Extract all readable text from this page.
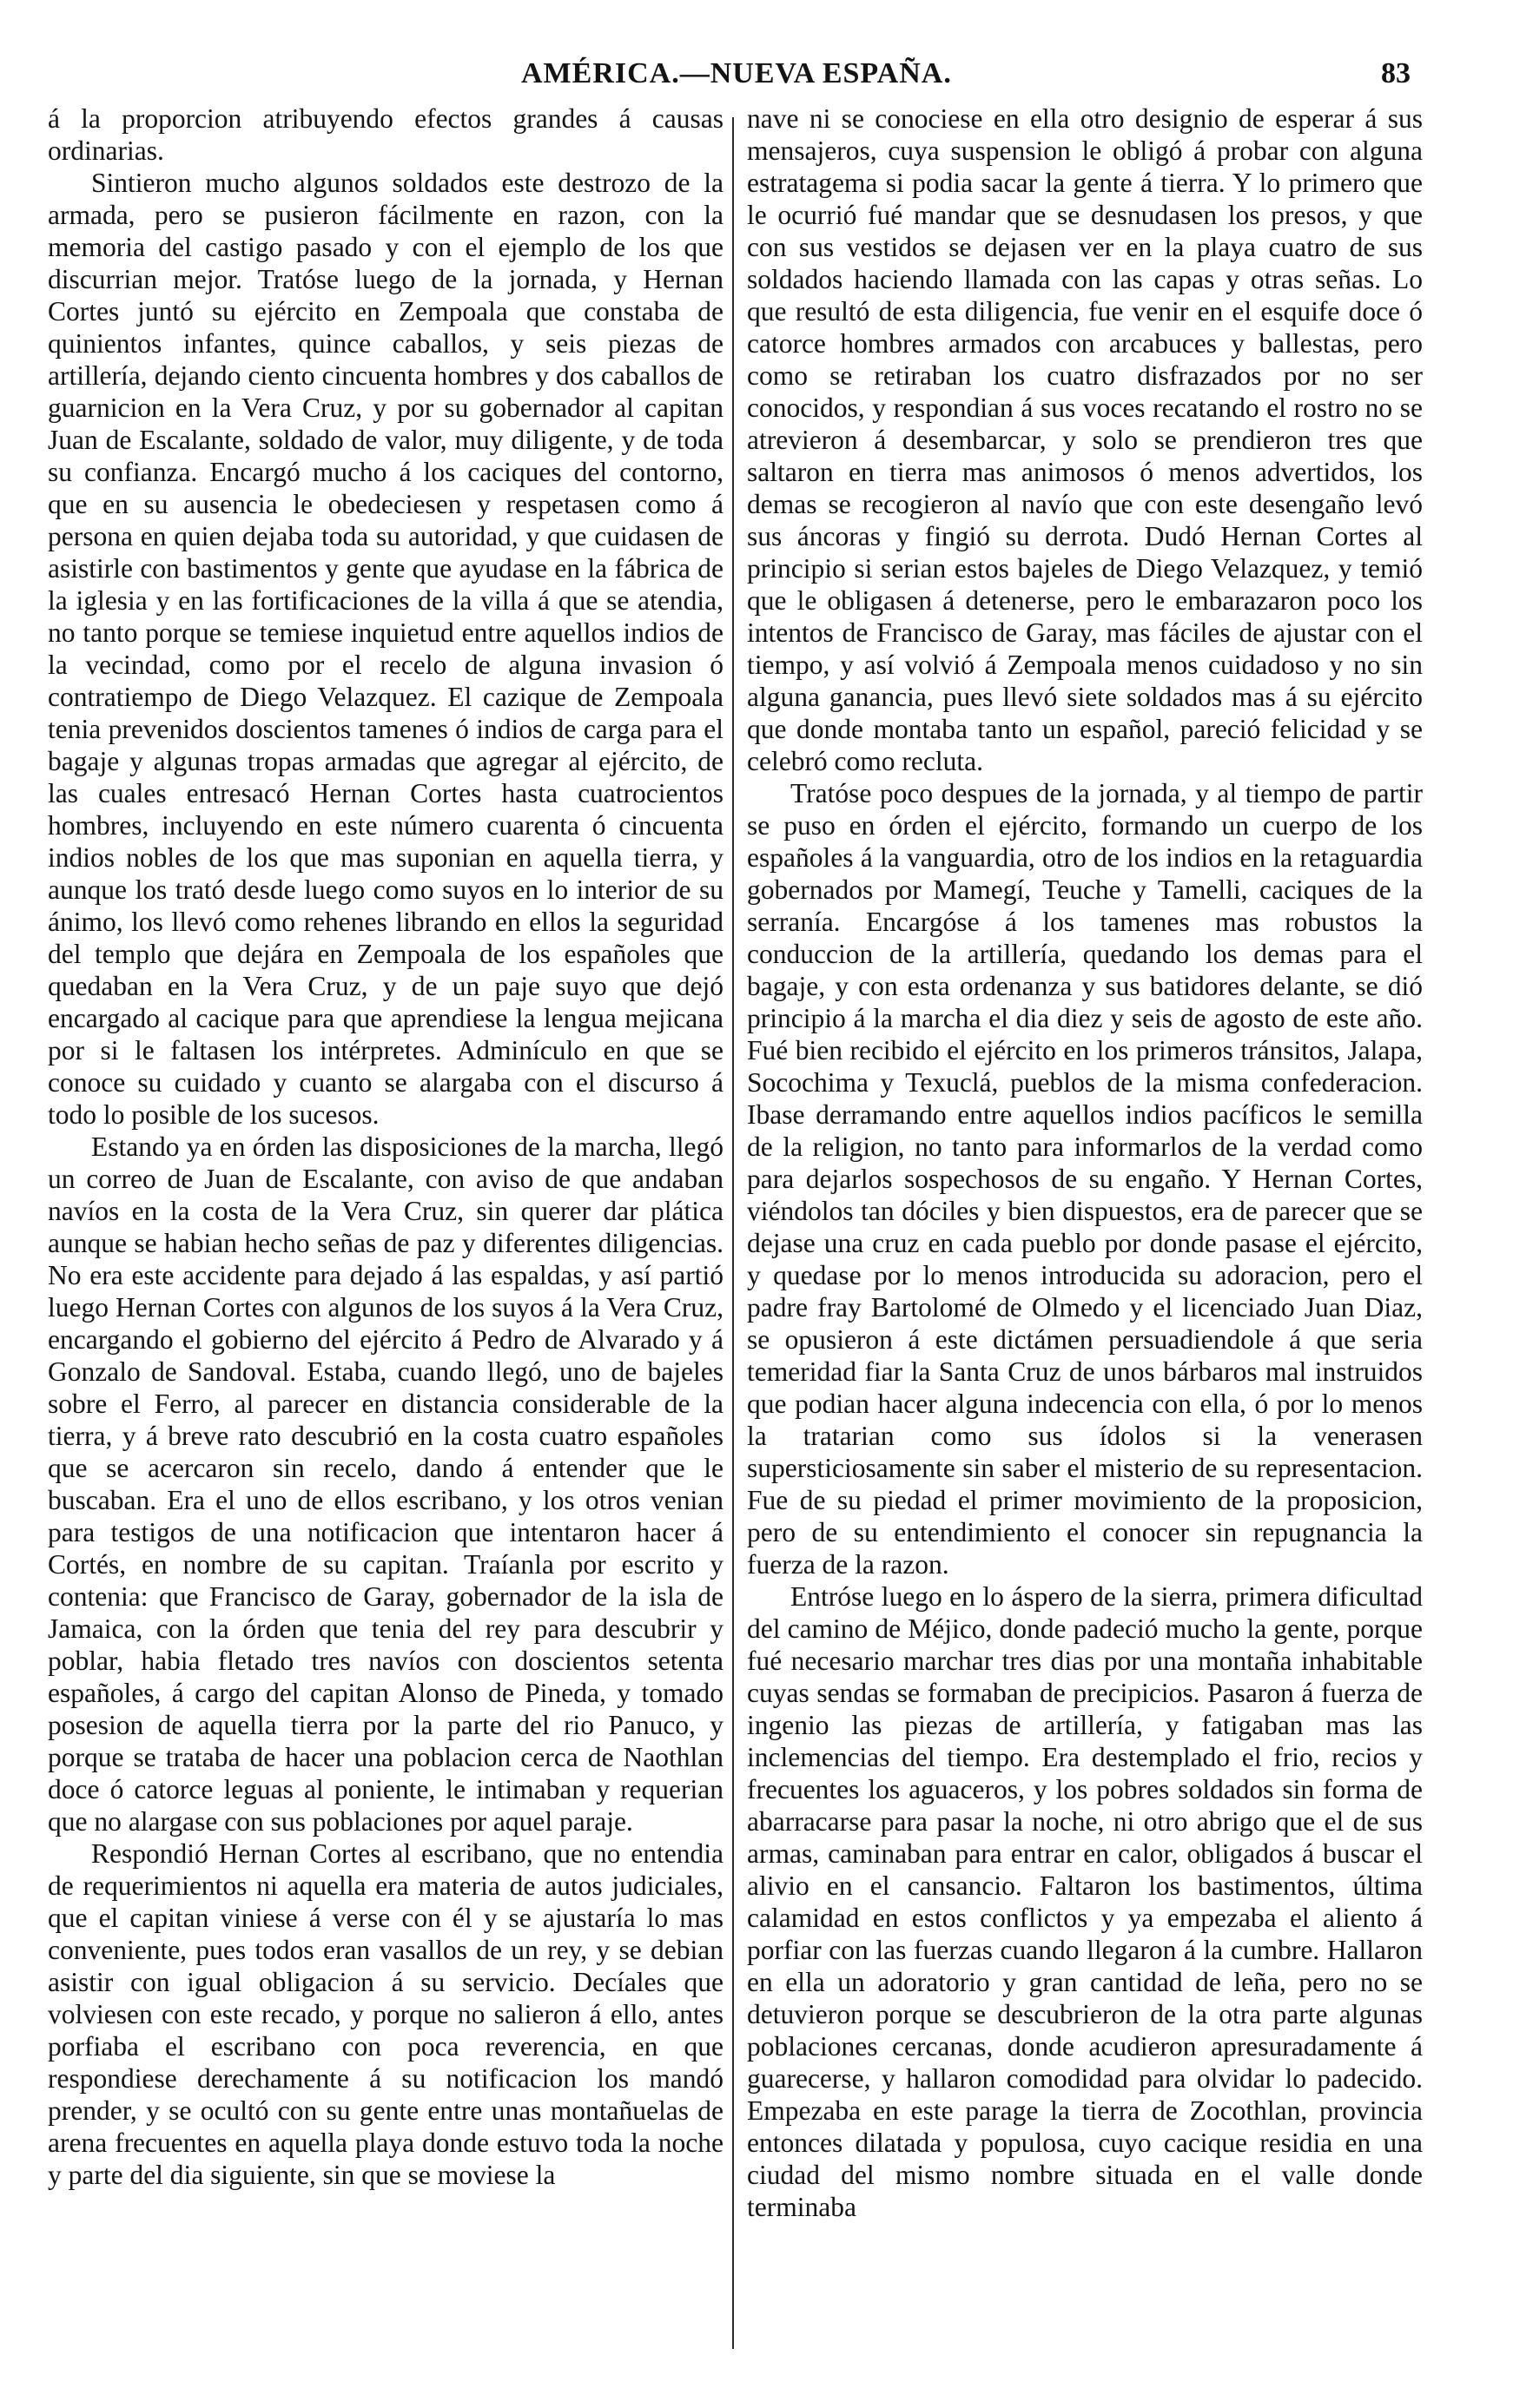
AMÉRICA.—NUEVA ESPAÑA.	83

á la proporcion atribuyendo efectos grandes á causas ordinarias.

Sintieron mucho algunos soldados este destrozo de la armada, pero se pusieron fácilmente en razon, con la memoria del castigo pasado y con el ejemplo de los que discurrian mejor. Tratóse luego de la jornada, y Hernan Cortes juntó su ejército en Zempoala que constaba de quinientos infantes, quince caballos, y seis piezas de artillería, dejando ciento cincuenta hombres y dos caballos de guarnicion en la Vera Cruz, y por su gobernador al capitan Juan de Escalante, soldado de valor, muy diligente, y de toda su confianza. Encargó mucho á los caciques del contorno, que en su ausencia le obedeciesen y respetasen como á persona en quien dejaba toda su autoridad, y que cuidasen de asistirle con bastimentos y gente que ayudase en la fábrica de la iglesia y en las fortificaciones de la villa á que se atendia, no tanto porque se temiese inquietud entre aquellos indios de la vecindad, como por el recelo de alguna invasion ó contratiempo de Diego Velazquez. El cazique de Zempoala tenia prevenidos doscientos tamenes ó indios de carga para el bagaje y algunas tropas armadas que agregar al ejército, de las cuales entresacó Hernan Cortes hasta cuatrocientos hombres, incluyendo en este número cuarenta ó cincuenta indios nobles de los que mas suponian en aquella tierra, y aunque los trató desde luego como suyos en lo interior de su ánimo, los llevó como rehenes librando en ellos la seguridad del templo que dejára en Zempoala de los españoles que quedaban en la Vera Cruz, y de un paje suyo que dejó encargado al cacique para que aprendiese la lengua mejicana por si le faltasen los intérpretes. Adminículo en que se conoce su cuidado y cuanto se alargaba con el discurso á todo lo posible de los sucesos.

Estando ya en órden las disposiciones de la marcha, llegó un correo de Juan de Escalante, con aviso de que andaban navíos en la costa de la Vera Cruz, sin querer dar plática aunque se habian hecho señas de paz y diferentes diligencias. No era este accidente para dejado á las espaldas, y así partió luego Hernan Cortes con algunos de los suyos á la Vera Cruz, encargando el gobierno del ejército á Pedro de Alvarado y á Gonzalo de Sandoval. Estaba, cuando llegó, uno de bajeles sobre el Ferro, al parecer en distancia considerable de la tierra, y á breve rato descubrió en la costa cuatro españoles que se acercaron sin recelo, dando á entender que le buscaban. Era el uno de ellos escribano, y los otros venian para testigos de una notificacion que intentaron hacer á Cortés, en nombre de su capitan. Traíanla por escrito y contenia: que Francisco de Garay, gobernador de la isla de Jamaica, con la órden que tenia del rey para descubrir y poblar, habia fletado tres navíos con doscientos setenta españoles, á cargo del capitan Alonso de Pineda, y tomado posesion de aquella tierra por la parte del rio Panuco, y porque se trataba de hacer una poblacion cerca de Naothlan doce ó catorce leguas al poniente, le intimaban y requerian que no alargase con sus poblaciones por aquel paraje.

Respondió Hernan Cortes al escribano, que no entendia de requerimientos ni aquella era materia de autos judiciales, que el capitan viniese á verse con él y se ajustaría lo mas conveniente, pues todos eran vasallos de un rey, y se debian asistir con igual obligacion á su servicio. Decíales que volviesen con este recado, y porque no salieron á ello, antes porfiaba el escribano con poca reverencia, en que respondiese derechamente á su notificacion los mandó prender, y se ocultó con su gente entre unas montañuelas de arena frecuentes en aquella playa donde estuvo toda la noche y parte del dia siguiente, sin que se moviese la

nave ni se conociese en ella otro designio de esperar á sus mensajeros, cuya suspension le obligó á probar con alguna estratagema si podia sacar la gente á tierra. Y lo primero que le ocurrió fué mandar que se desnudasen los presos, y que con sus vestidos se dejasen ver en la playa cuatro de sus soldados haciendo llamada con las capas y otras señas. Lo que resultó de esta diligencia, fue venir en el esquife doce ó catorce hombres armados con arcabuces y ballestas, pero como se retiraban los cuatro disfrazados por no ser conocidos, y respondian á sus voces recatando el rostro no se atrevieron á desembarcar, y solo se prendieron tres que saltaron en tierra mas animosos ó menos advertidos, los demas se recogieron al navío que con este desengaño levó sus áncoras y fingió su derrota. Dudó Hernan Cortes al principio si serian estos bajeles de Diego Velazquez, y temió que le obligasen á detenerse, pero le embarazaron poco los intentos de Francisco de Garay, mas fáciles de ajustar con el tiempo, y así volvió á Zempoala menos cuidadoso y no sin alguna ganancia, pues llevó siete soldados mas á su ejército que donde montaba tanto un español, pareció felicidad y se celebró como recluta.

Tratóse poco despues de la jornada, y al tiempo de partir se puso en órden el ejército, formando un cuerpo de los españoles á la vanguardia, otro de los indios en la retaguardia gobernados por Mamegí, Teuche y Tamelli, caciques de la serranía. Encargóse á los tamenes mas robustos la conduccion de la artillería, quedando los demas para el bagaje, y con esta ordenanza y sus batidores delante, se dió principio á la marcha el dia diez y seis de agosto de este año. Fué bien recibido el ejército en los primeros tránsitos, Jalapa, Socochima y Texuclá, pueblos de la misma confederacion. Ibase derramando entre aquellos indios pacíficos le semilla de la religion, no tanto para informarlos de la verdad como para dejarlos sospechosos de su engaño. Y Hernan Cortes, viéndolos tan dóciles y bien dispuestos, era de parecer que se dejase una cruz en cada pueblo por donde pasase el ejército, y quedase por lo menos introducida su adoracion, pero el padre fray Bartolomé de Olmedo y el licenciado Juan Diaz, se opusieron á este dictámen persuadiendole á que seria temeridad fiar la Santa Cruz de unos bárbaros mal instruidos que podian hacer alguna indecencia con ella, ó por lo menos la tratarian como sus ídolos si la venerasen supersticiosamente sin saber el misterio de su representacion. Fue de su piedad el primer movimiento de la proposicion, pero de su entendimiento el conocer sin repugnancia la fuerza de la razon.

Entróse luego en lo áspero de la sierra, primera dificultad del camino de Méjico, donde padeció mucho la gente, porque fué necesario marchar tres dias por una montaña inhabitable cuyas sendas se formaban de precipicios. Pasaron á fuerza de ingenio las piezas de artillería, y fatigaban mas las inclemencias del tiempo. Era destemplado el frio, recios y frecuentes los aguaceros, y los pobres soldados sin forma de abarracarse para pasar la noche, ni otro abrigo que el de sus armas, caminaban para entrar en calor, obligados á buscar el alivio en el cansancio. Faltaron los bastimentos, última calamidad en estos conflictos y ya empezaba el aliento á porfiar con las fuerzas cuando llegaron á la cumbre. Hallaron en ella un adoratorio y gran cantidad de leña, pero no se detuvieron porque se descubrieron de la otra parte algunas poblaciones cercanas, donde acudieron apresuradamente á guarecerse, y hallaron comodidad para olvidar lo padecido. Empezaba en este parage la tierra de Zocothlan, provincia entonces dilatada y populosa, cuyo cacique residia en una ciudad del mismo nombre situada en el valle donde terminaba
